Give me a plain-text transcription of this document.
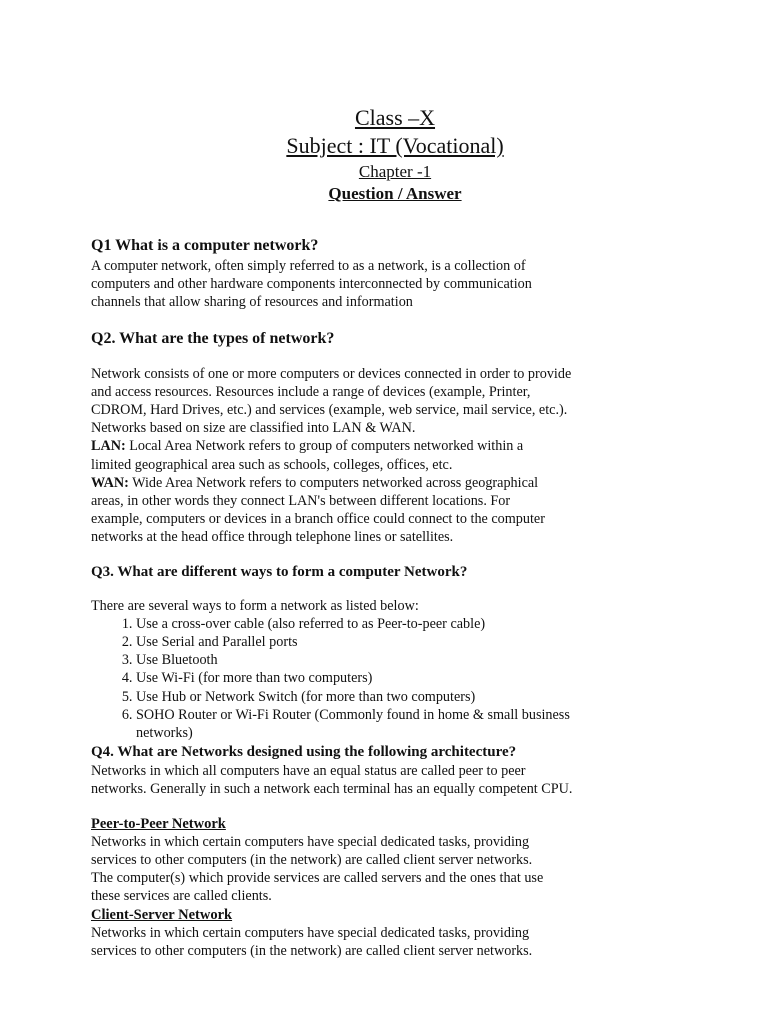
Class –X
Subject : IT (Vocational)
Chapter -1
Question / Answer

Q1 What is a computer network?

A computer network, often simply referred to as a network, is a collection of

computers and other hardware components interconnected by communication

channels that allow sharing of resources and information

Q2. What are the types of network?

Network consists of one or more computers or devices connected in order to provide

and access resources. Resources include a range of devices (example, Printer,

CDROM, Hard Drives, etc.) and services (example, web service, mail service, etc.).

Networks based on size are classified into LAN & WAN.

LAN: Local Area Network refers to group of computers networked within a

limited geographical area such as schools, colleges, offices, etc.

WAN: Wide Area Network refers to computers networked across geographical

areas, in other words they connect LAN's between different locations. For

example, computers or devices in a branch office could connect to the computer

networks at the head office through telephone lines or satellites.

Q3. What are different ways to form a computer Network?

There are several ways to form a network as listed below:

1. Use a cross-over cable (also referred to as Peer-to-peer cable)
2. Use Serial and Parallel ports
3. Use Bluetooth
4. Use Wi-Fi (for more than two computers)
5. Use Hub or Network Switch (for more than two computers)
6. SOHO Router or Wi-Fi Router (Commonly found in home & small business networks)

Q4. What are Networks designed using the following architecture?

Networks in which all computers have an equal status are called peer to peer

networks. Generally in such a network each terminal has an equally competent CPU.

Peer-to-Peer Network

Networks in which certain computers have special dedicated tasks, providing

services to other computers (in the network) are called client server networks.

The computer(s) which provide services are called servers and the ones that use

these services are called clients.

Client-Server Network

Networks in which certain computers have special dedicated tasks, providing

services to other computers (in the network) are called client server networks.
